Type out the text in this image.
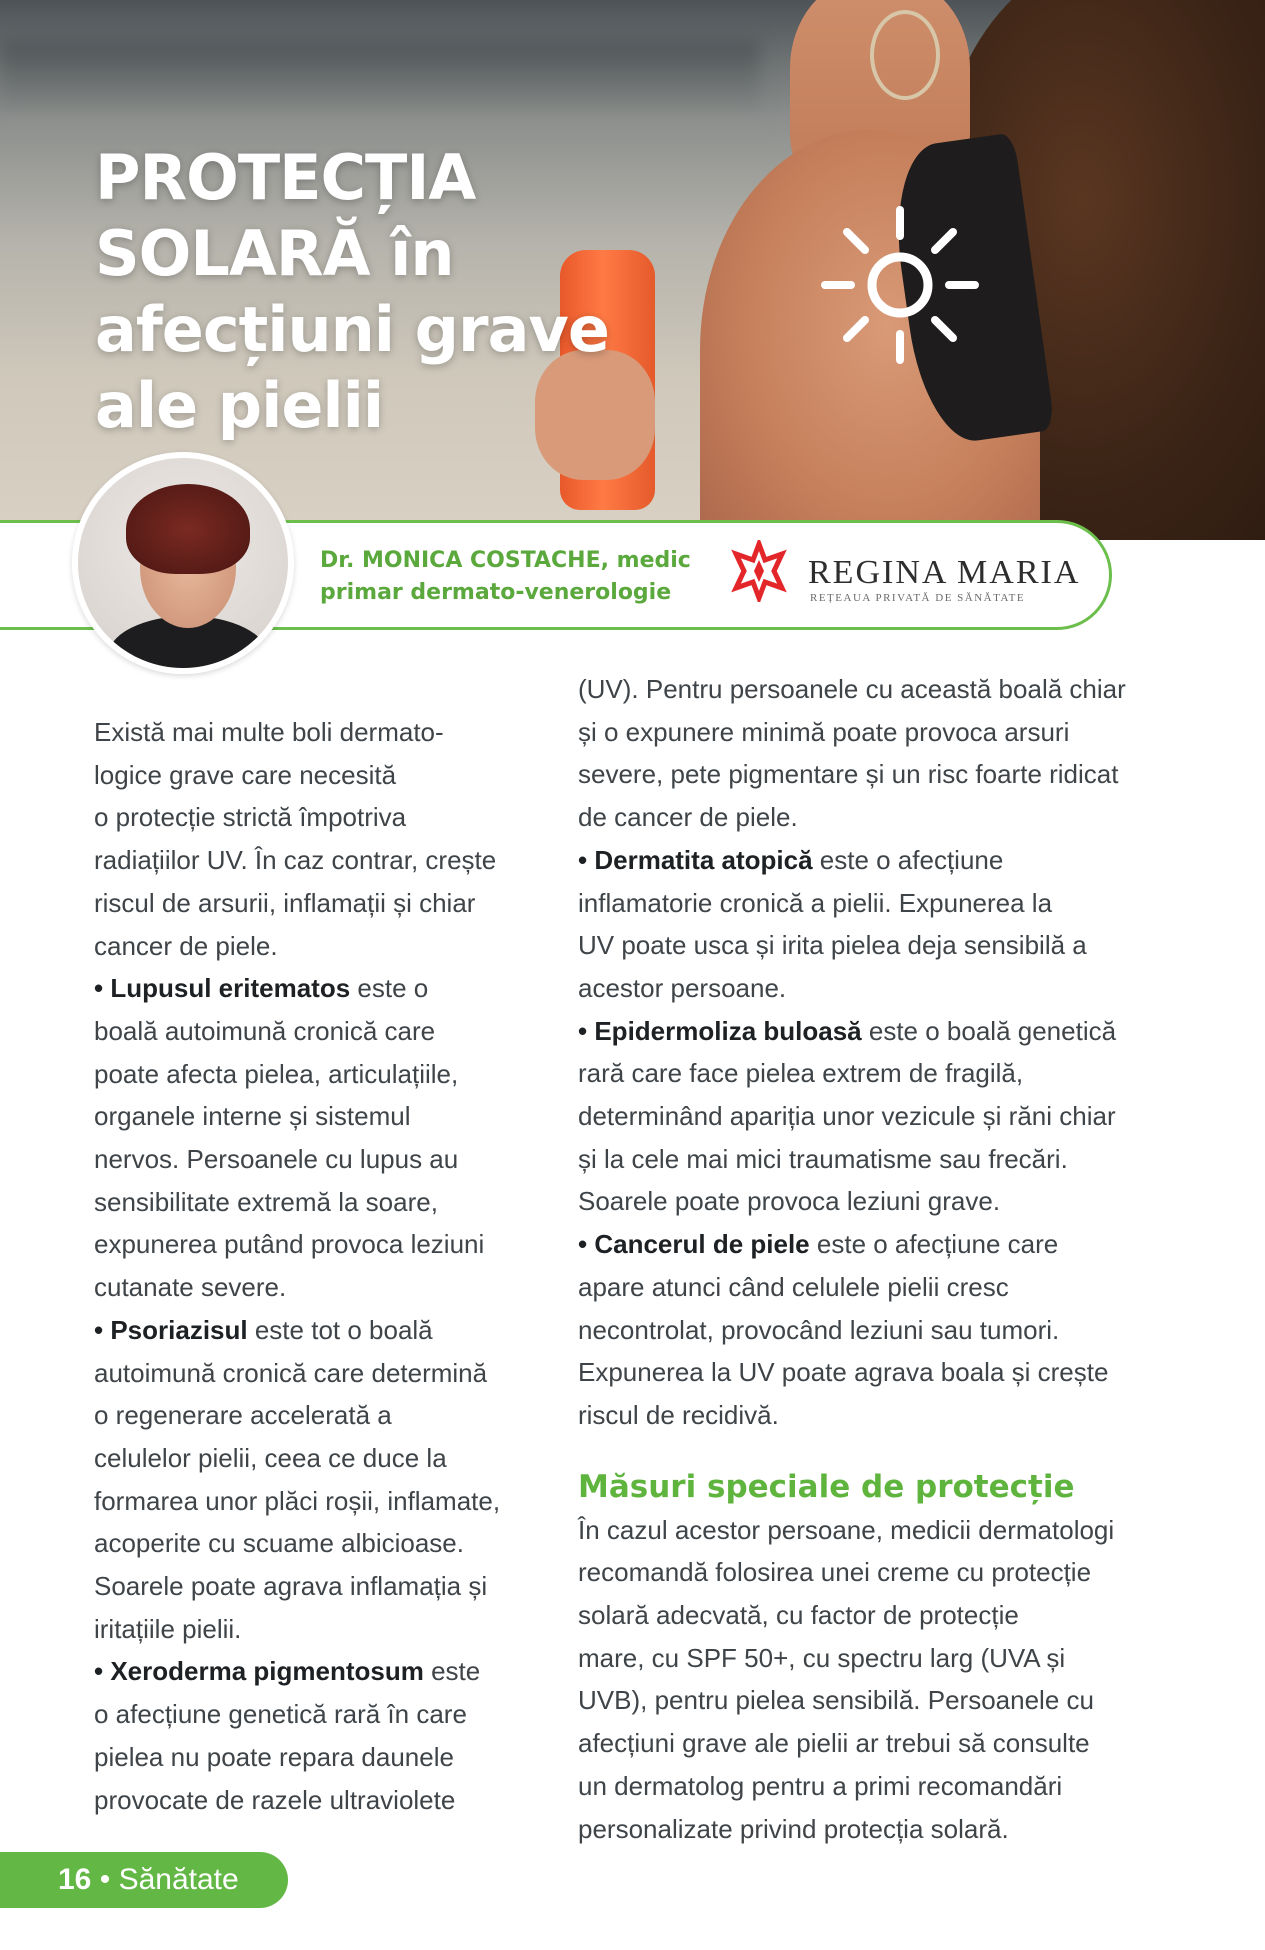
PROTECȚIA
SOLARĂ în
afecțiuni grave
ale pielii
Dr. MONICA COSTACHE, medic
primar dermato-venerologie
REGINA MARIA
REȚEAUA PRIVATĂ DE SĂNĂTATE

Există mai multe boli dermato-
logice grave care necesită
o protecție strictă împotriva
radiațiilor UV. În caz contrar, crește
riscul de arsurii, inflamații și chiar
cancer de piele.

• Lupusul eritematos este o
boală autoimună cronică care
poate afecta pielea, articulațiile,
organele interne și sistemul
nervos. Persoanele cu lupus au
sensibilitate extremă la soare,
expunerea putând provoca leziuni
cutanate severe.

• Psoriazisul este tot o boală
autoimună cronică care determină
o regenerare accelerată a
celulelor pielii, ceea ce duce la
formarea unor plăci roșii, inflamate,
acoperite cu scuame albicioase.
Soarele poate agrava inflamația și
iritațiile pielii.

• Xeroderma pigmentosum este
o afecțiune genetică rară în care
pielea nu poate repara daunele
provocate de razele ultraviolete

(UV). Pentru persoanele cu această boală chiar
și o expunere minimă poate provoca arsuri
severe, pete pigmentare și un risc foarte ridicat
de cancer de piele.

• Dermatita atopică este o afecțiune
inflamatorie cronică a pielii. Expunerea la
UV poate usca și irita pielea deja sensibilă a
acestor persoane.

• Epidermoliza buloasă este o boală genetică
rară care face pielea extrem de fragilă,
determinând apariția unor vezicule și răni chiar
și la cele mai mici traumatisme sau frecări.
Soarele poate provoca leziuni grave.

• Cancerul de piele este o afecțiune care
apare atunci când celulele pielii cresc
necontrolat, provocând leziuni sau tumori.
Expunerea la UV poate agrava boala și crește
riscul de recidivă.

Măsuri speciale de protecție

În cazul acestor persoane, medicii dermatologi
recomandă folosirea unei creme cu protecție
solară adecvată, cu factor de protecție
mare, cu SPF 50+, cu spectru larg (UVA și
UVB), pentru pielea sensibilă. Persoanele cu
afecțiuni grave ale pielii ar trebui să consulte
un dermatolog pentru a primi recomandări
personalizate privind protecția solară.

16 • Sănătate
